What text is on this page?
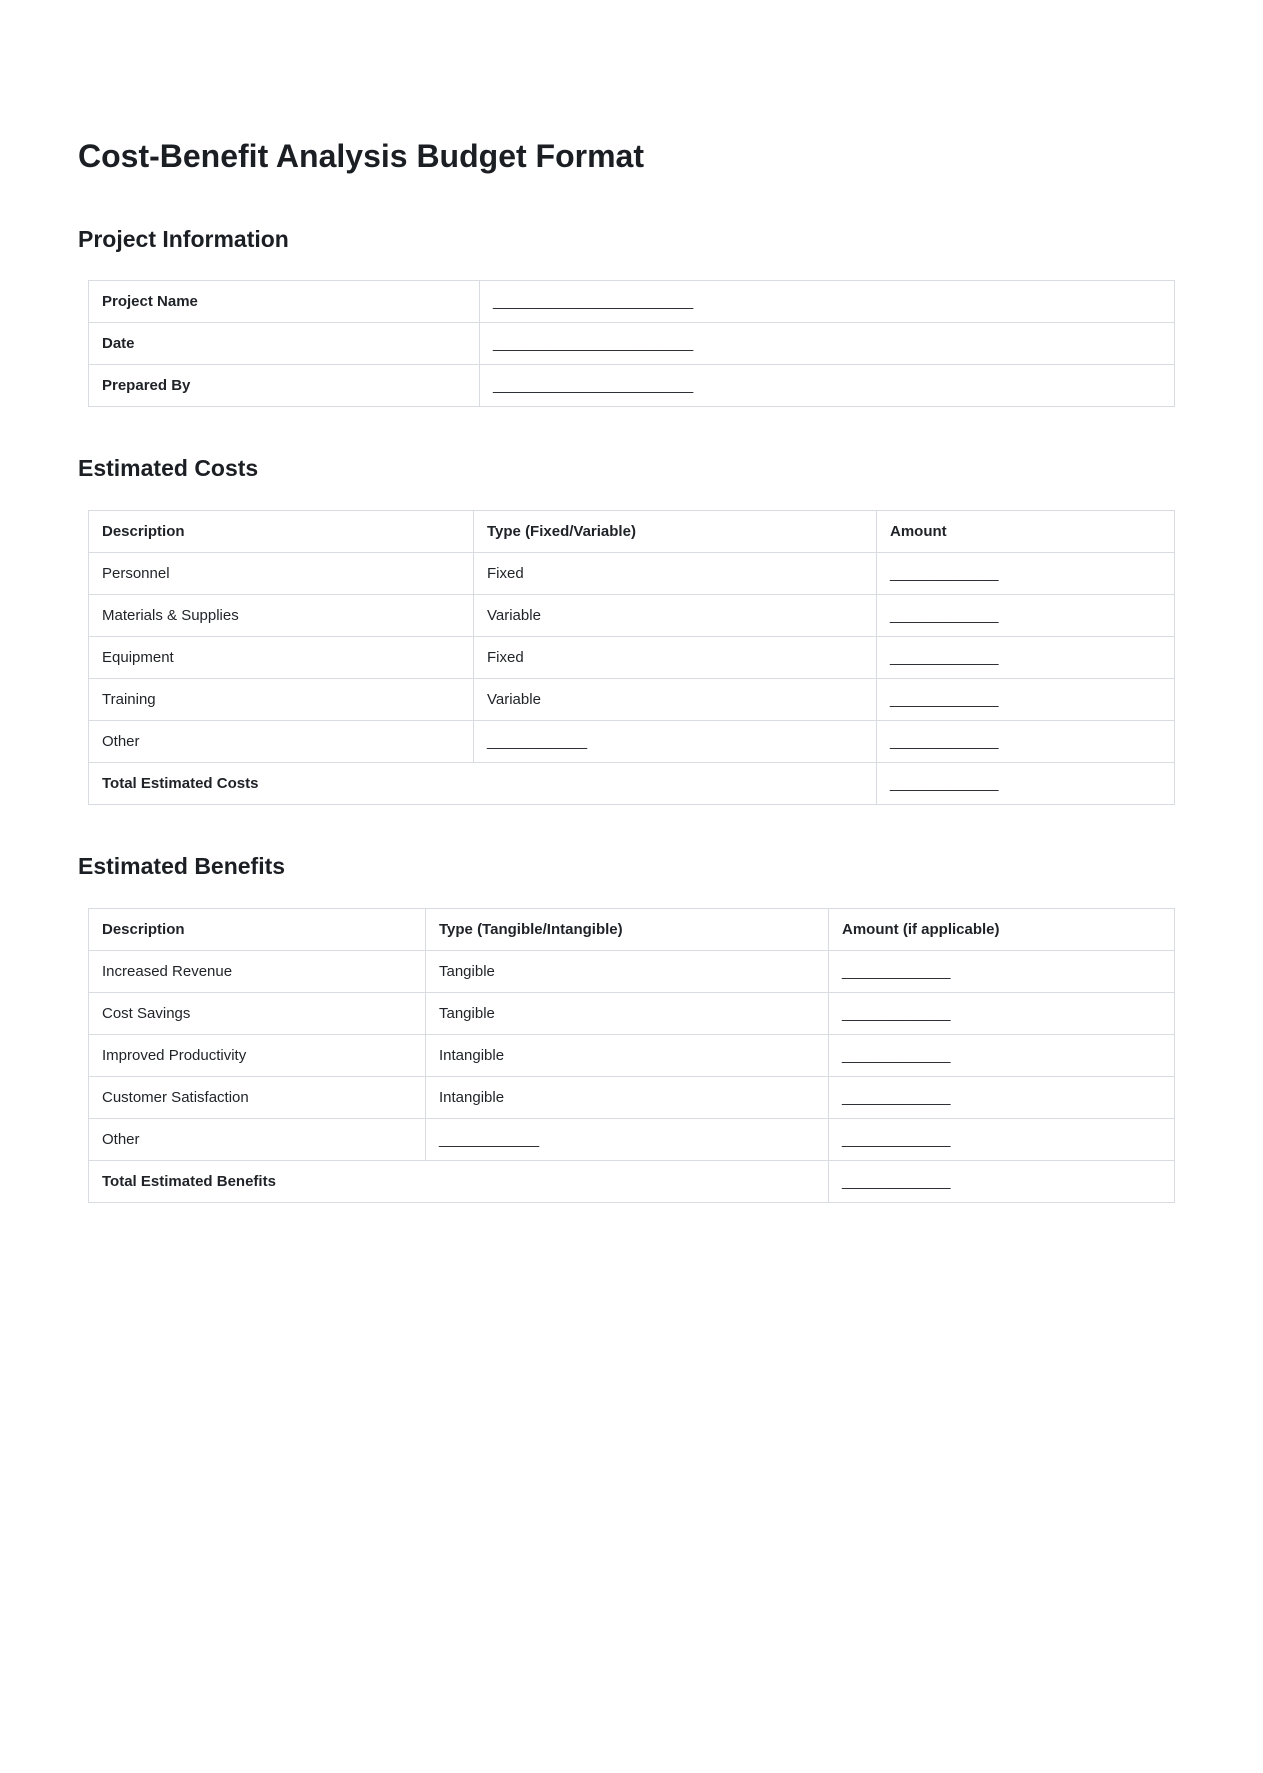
Cost-Benefit Analysis Budget Format
Project Information
Project Name	________________________
Date	________________________
Prepared By	________________________
Estimated Costs
Description	Type (Fixed/Variable)	Amount
Personnel	Fixed	_____________
Materials & Supplies	Variable	_____________
Equipment	Fixed	_____________
Training	Variable	_____________
Other	____________	_____________
Total Estimated Costs		_____________
Estimated Benefits
Description	Type (Tangible/Intangible)	Amount (if applicable)
Increased Revenue	Tangible	_____________
Cost Savings	Tangible	_____________
Improved Productivity	Intangible	_____________
Customer Satisfaction	Intangible	_____________
Other	____________	_____________
Total Estimated Benefits		_____________
